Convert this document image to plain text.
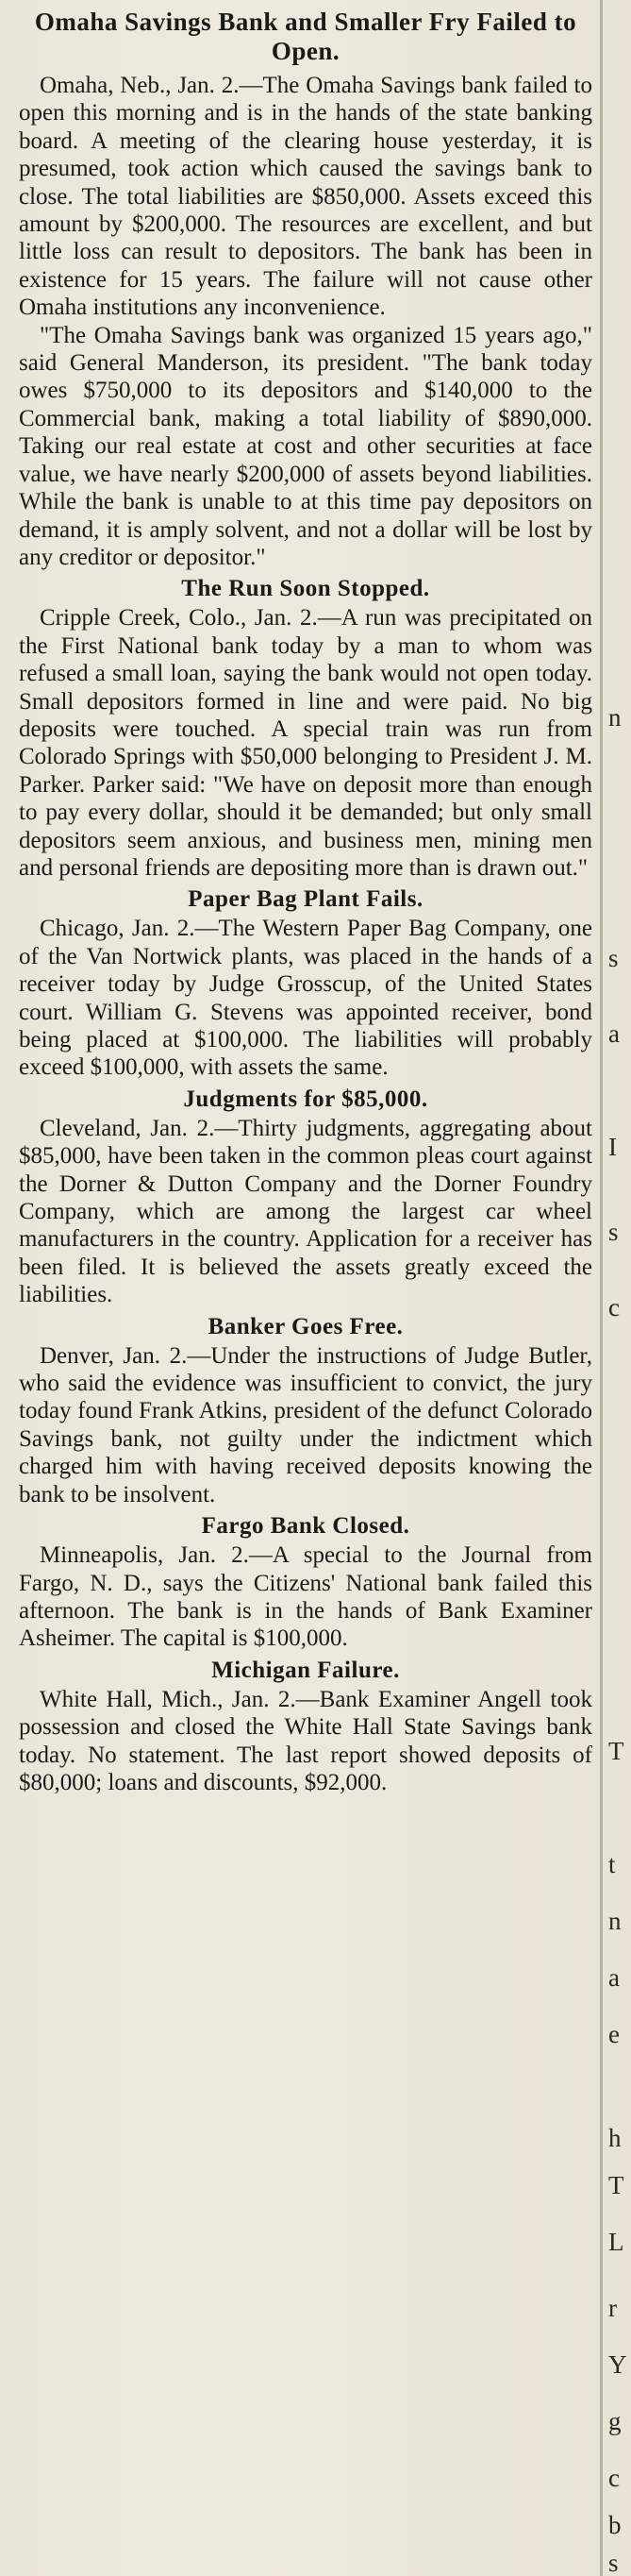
Omaha Savings Bank and Smaller Fry Failed to Open.

Omaha, Neb., Jan. 2.—The Omaha Savings bank failed to open this morning and is in the hands of the state banking board. A meeting of the clearing house yesterday, it is presumed, took action which caused the savings bank to close. The total liabilities are $850,000. Assets exceed this amount by $200,000. The resources are excellent, and but little loss can result to depositors. The bank has been in existence for 15 years. The failure will not cause other Omaha institutions any inconvenience.

"The Omaha Savings bank was organized 15 years ago," said General Manderson, its president. "The bank today owes $750,000 to its depositors and $140,000 to the Commercial bank, making a total liability of $890,000. Taking our real estate at cost and other securities at face value, we have nearly $200,000 of assets beyond liabilities. While the bank is unable to at this time pay depositors on demand, it is amply solvent, and not a dollar will be lost by any creditor or depositor."

The Run Soon Stopped.

Cripple Creek, Colo., Jan. 2.—A run was precipitated on the First National bank today by a man to whom was refused a small loan, saying the bank would not open today. Small depositors formed in line and were paid. No big deposits were touched. A special train was run from Colorado Springs with $50,000 belonging to President J. M. Parker. Parker said: "We have on deposit more than enough to pay every dollar, should it be demanded; but only small depositors seem anxious, and business men, mining men and personal friends are depositing more than is drawn out."

Paper Bag Plant Fails.

Chicago, Jan. 2.—The Western Paper Bag Company, one of the Van Nortwick plants, was placed in the hands of a receiver today by Judge Grosscup, of the United States court. William G. Stevens was appointed receiver, bond being placed at $100,000. The liabilities will probably exceed $100,000, with assets the same.

Judgments for $85,000.

Cleveland, Jan. 2.—Thirty judgments, aggregating about $85,000, have been taken in the common pleas court against the Dorner & Dutton Company and the Dorner Foundry Company, which are among the largest car wheel manufacturers in the country. Application for a receiver has been filed. It is believed the assets greatly exceed the liabilities.

Banker Goes Free.

Denver, Jan. 2.—Under the instructions of Judge Butler, who said the evidence was insufficient to convict, the jury today found Frank Atkins, president of the defunct Colorado Savings bank, not guilty under the indictment which charged him with having received deposits knowing the bank to be insolvent.

Fargo Bank Closed.

Minneapolis, Jan. 2.—A special to the Journal from Fargo, N. D., says the Citizens' National bank failed this afternoon. The bank is in the hands of Bank Examiner Asheimer. The capital is $100,000.

Michigan Failure.

White Hall, Mich., Jan. 2.—Bank Examiner Angell took possession and closed the White Hall State Savings bank today. No statement. The last report showed deposits of $80,000; loans and discounts, $92,000.

n
s
a
I
s
c
T
t
n
a
e
h
T
L
r
Y
g
c
b
s
